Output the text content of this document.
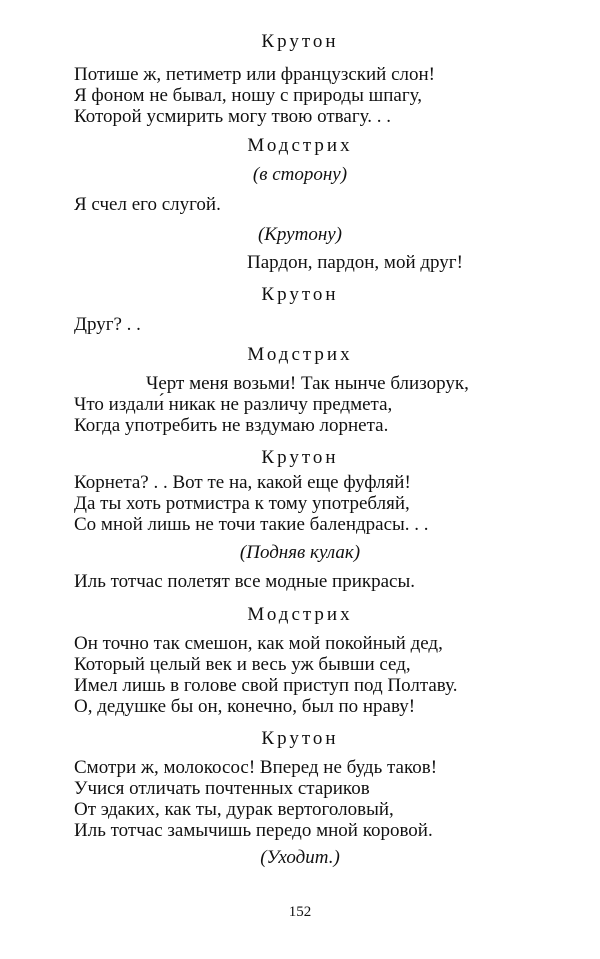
Крутон
Потише ж, петиметр или французский слон!
Я фоном не бывал, ношу с природы шпагу,
Которой усмирить могу твою отвагу. . .
Модстрих
(в сторону)
Я счел его слугой.
(Крутону)
Пардон, пардон, мой друг!
Крутон
Друг? . .
Модстрих
Черт меня возьми! Так нынче близорук,
Что издали́ никак не различу предмета,
Когда употребить не вздумаю лорнета.
Крутон
Корнета? . . Вот те на, какой еще фуфляй!
Да ты хоть ротмистра к тому употребляй,
Со мной лишь не точи такие балендрасы. . .
(Подняв кулак)
Иль тотчас полетят все модные прикрасы.
Модстрих
Он точно так смешон, как мой покойный дед,
Который целый век и весь уж бывши сед,
Имел лишь в голове свой приступ под Полтаву.
О, дедушке бы он, конечно, был по нраву!
Крутон
Смотри ж, молокосос! Вперед не будь таков!
Учися отличать почтенных стариков
От эдаких, как ты, дурак вертоголовый,
Иль тотчас замычишь передо мной коровой.
(Уходит.)
152
